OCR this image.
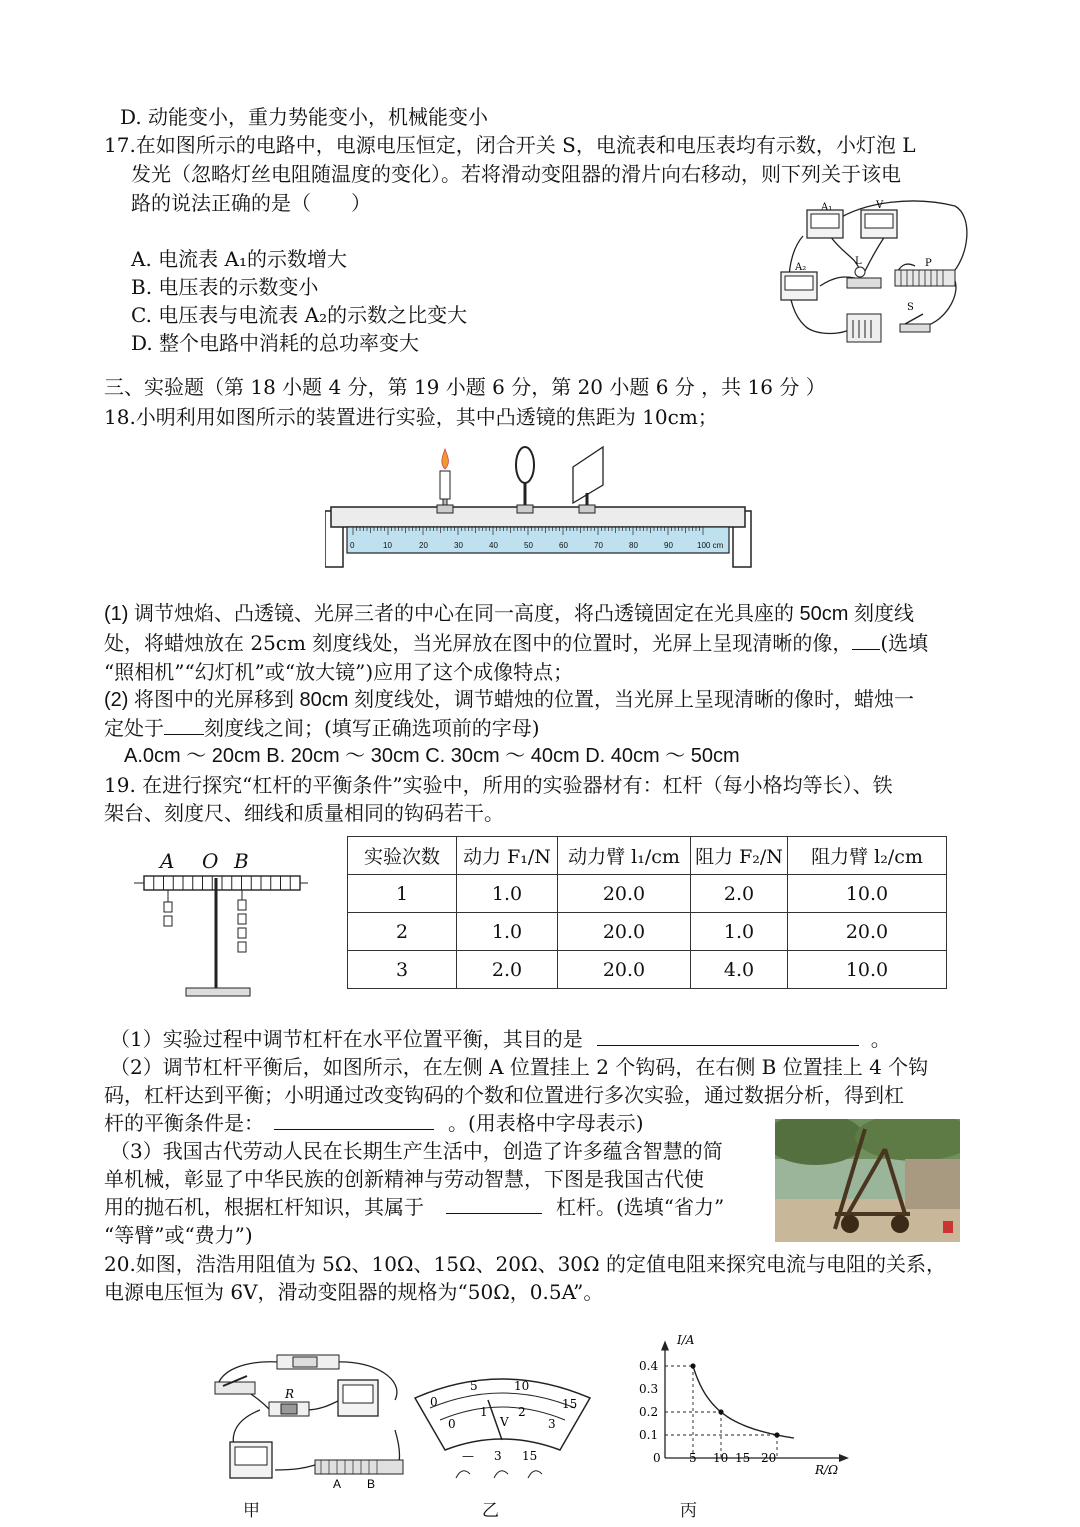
D. 动能变小，重力势能变小，机械能变小
17.在如图所示的电路中，电源电压恒定，闭合开关 S，电流表和电压表均有示数，小灯泡 L
发光（忽略灯丝电阻随温度的变化）。若将滑动变阻器的滑片向右移动，则下列关于该电
路的说法正确的是（　　）
A. 电流表 A₁的示数增大
B. 电压表的示数变小
C. 电压表与电流表 A₂的示数之比变大
D. 整个电路中消耗的总功率变大
A₁	V
A₂
L	P
S
三、实验题（第 18 小题 4 分，第 19 小题 6 分，第 20 小题 6 分 ，共 16 分 ）
18.小明利用如图所示的装置进行实验，其中凸透镜的焦距为 10cm；
0	10	20	30	40	50	60	70	80	90	100 cm
(1) 调节烛焰、凸透镜、光屏三者的中心在同一高度，将凸透镜固定在光具座的 50cm 刻度线
处，将蜡烛放在 25cm 刻度线处，当光屏放在图中的位置时，光屏上呈现清晰的像， (选填
“照相机”“幻灯机”或“放大镜”)应用了这个成像特点；
(2) 将图中的光屏移到 80cm 刻度线处，调节蜡烛的位置，当光屏上呈现清晰的像时，蜡烛一
定处于 刻度线之间；(填写正确选项前的字母)
A.0cm ～ 20cm B. 20cm ～ 30cm C. 30cm ～ 40cm D. 40cm ～ 50cm
19. 在进行探究“杠杆的平衡条件”实验中，所用的实验器材有：杠杆（每小格均等长）、铁
架台、刻度尺、细线和质量相同的钩码若干。
A O B	实验次数	动力 F₁/N	动力臂 l₁/cm	阻力 F₂/N	阻力臂 l₂/cm
1	1.0	20.0	2.0	10.0
2	1.0	20.0	1.0	20.0
3	2.0	20.0	4.0	10.0
（1）实验过程中调节杠杆在水平位置平衡，其目的是	。
（2）调节杠杆平衡后，如图所示，在左侧 A 位置挂上 2 个钩码，在右侧 B 位置挂上 4 个钩
码，杠杆达到平衡；小明通过改变钩码的个数和位置进行多次实验，通过数据分析，得到杠
杆的平衡条件是：	。(用表格中字母表示)
（3）我国古代劳动人民在长期生产生活中，创造了许多蕴含智慧的简
单机械，彰显了中华民族的创新精神与劳动智慧，下图是我国古代使
用的抛石机，根据杠杆知识，其属于	杠杆。(选填“省力”
“等臂”或“费力”)
20.如图，浩浩用阻值为 5Ω、10Ω、15Ω、20Ω、30Ω 的定值电阻来探究电流与电阻的关系，
电源电压恒为 6V，滑动变阻器的规格为“50Ω，0.5A”。
R
A B
甲
0
5	10
15
0
1	2
3
V
— 3 15
乙
I/A
R/Ω
0.4
0.3
0.2
0.1
0 5 10 15 20
丙
